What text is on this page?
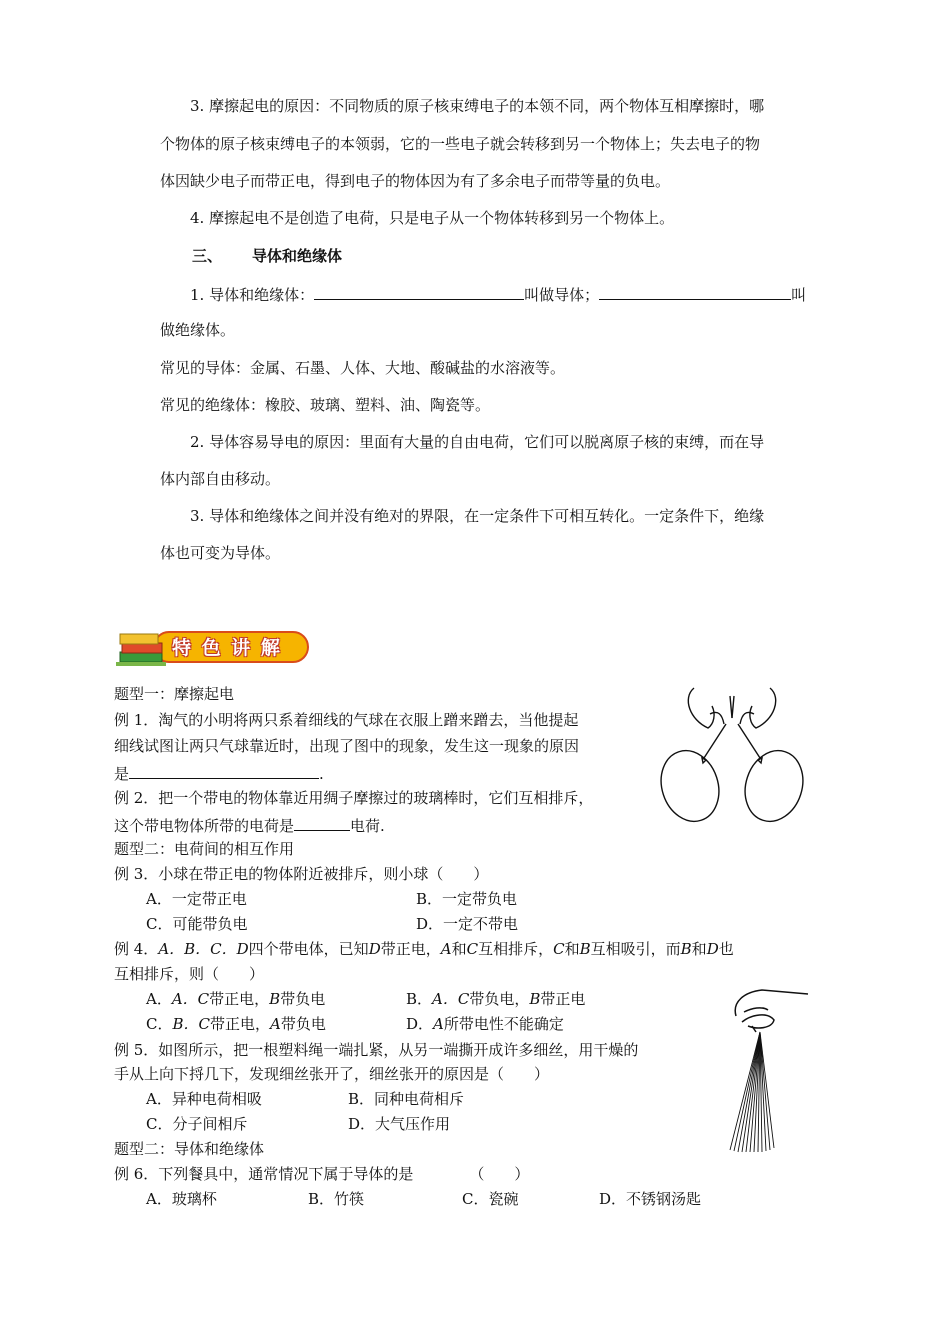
3. 摩擦起电的原因：不同物质的原子核束缚电子的本领不同，两个物体互相摩擦时，哪
个物体的原子核束缚电子的本领弱，它的一些电子就会转移到另一个物体上；失去电子的物
体因缺少电子而带正电，得到电子的物体因为有了多余电子而带等量的负电。
4. 摩擦起电不是创造了电荷，只是电子从一个物体转移到另一个物体上。
三、 导体和绝缘体
1. 导体和绝缘体：	叫做导体；	叫
做绝缘体。
常见的导体：金属、石墨、人体、大地、酸碱盐的水溶液等。
常见的绝缘体：橡胶、玻璃、塑料、油、陶瓷等。
2. 导体容易导电的原因：里面有大量的自由电荷，它们可以脱离原子核的束缚，而在导
体内部自由移动。
3. 导体和绝缘体之间并没有绝对的界限，在一定条件下可相互转化。一定条件下，绝缘
体也可变为导体。
特 色 讲 解
题型一：摩擦起电
例 1．淘气的小明将两只系着细线的气球在衣服上蹭来蹭去，当他提起
细线试图让两只气球靠近时，出现了图中的现象，发生这一现象的原因
是	.
例 2．把一个带电的物体靠近用绸子摩擦过的玻璃棒时，它们互相排斥，
这个带电物体所带的电荷是	电荷.
题型二：电荷间的相互作用
例 3．小球在带正电的物体附近被排斥，则小球（　　）
A．一定带正电	B．一定带负电
C．可能带负电	D．一定不带电
例 4．A．B．C．D四个带电体，已知D带正电，A和C互相排斥，C和B互相吸引，而B和D也
互相排斥，则（　　）
A．A．C带正电，B带负电	B．A．C带负电，B带正电
C．B．C带正电，A带负电	D．A所带电性不能确定
例 5．如图所示，把一根塑料绳一端扎紧，从另一端撕开成许多细丝，用干燥的
手从上向下捋几下，发现细丝张开了，细丝张开的原因是（　　）
A．异种电荷相吸	B．同种电荷相斥
C．分子间相斥	D．大气压作用
题型二：导体和绝缘体
例 6．下列餐具中，通常情况下属于导体的是	（　　）
A．玻璃杯	B．竹筷	C．瓷碗	D．不锈钢汤匙
